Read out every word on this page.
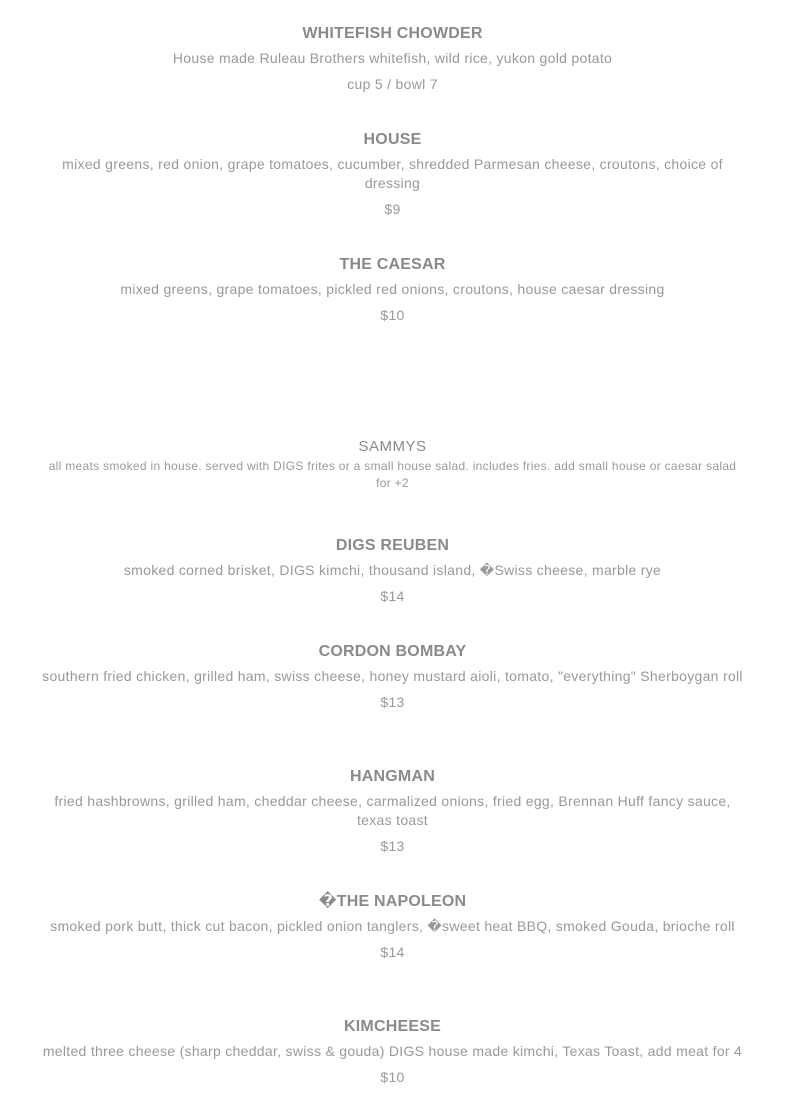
WHITEFISH CHOWDER
House made Ruleau Brothers whitefish, wild rice, yukon gold potato
cup 5 / bowl 7
HOUSE
mixed greens, red onion, grape tomatoes, cucumber, shredded Parmesan cheese, croutons, choice of dressing
$9
THE CAESAR
mixed greens, grape tomatoes, pickled red onions, croutons, house caesar dressing
$10
SAMMYS
all meats smoked in house. served with DIGS frites or a small house salad. includes fries. add small house or caesar salad for +2
DIGS REUBEN
smoked corned brisket, DIGS kimchi, thousand island, �Swiss cheese, marble rye
$14
CORDON BOMBAY
southern fried chicken, grilled ham, swiss cheese, honey mustard aioli, tomato, "everything" Sherboygan roll
$13
HANGMAN
fried hashbrowns, grilled ham, cheddar cheese, carmalized onions, fried egg, Brennan Huff fancy sauce, texas toast
$13
�THE NAPOLEON
smoked pork butt, thick cut bacon, pickled onion tanglers, �sweet heat BBQ, smoked Gouda, brioche roll
$14
KIMCHEESE
melted three cheese (sharp cheddar, swiss & gouda) DIGS house made kimchi, Texas Toast, add meat for 4
$10
